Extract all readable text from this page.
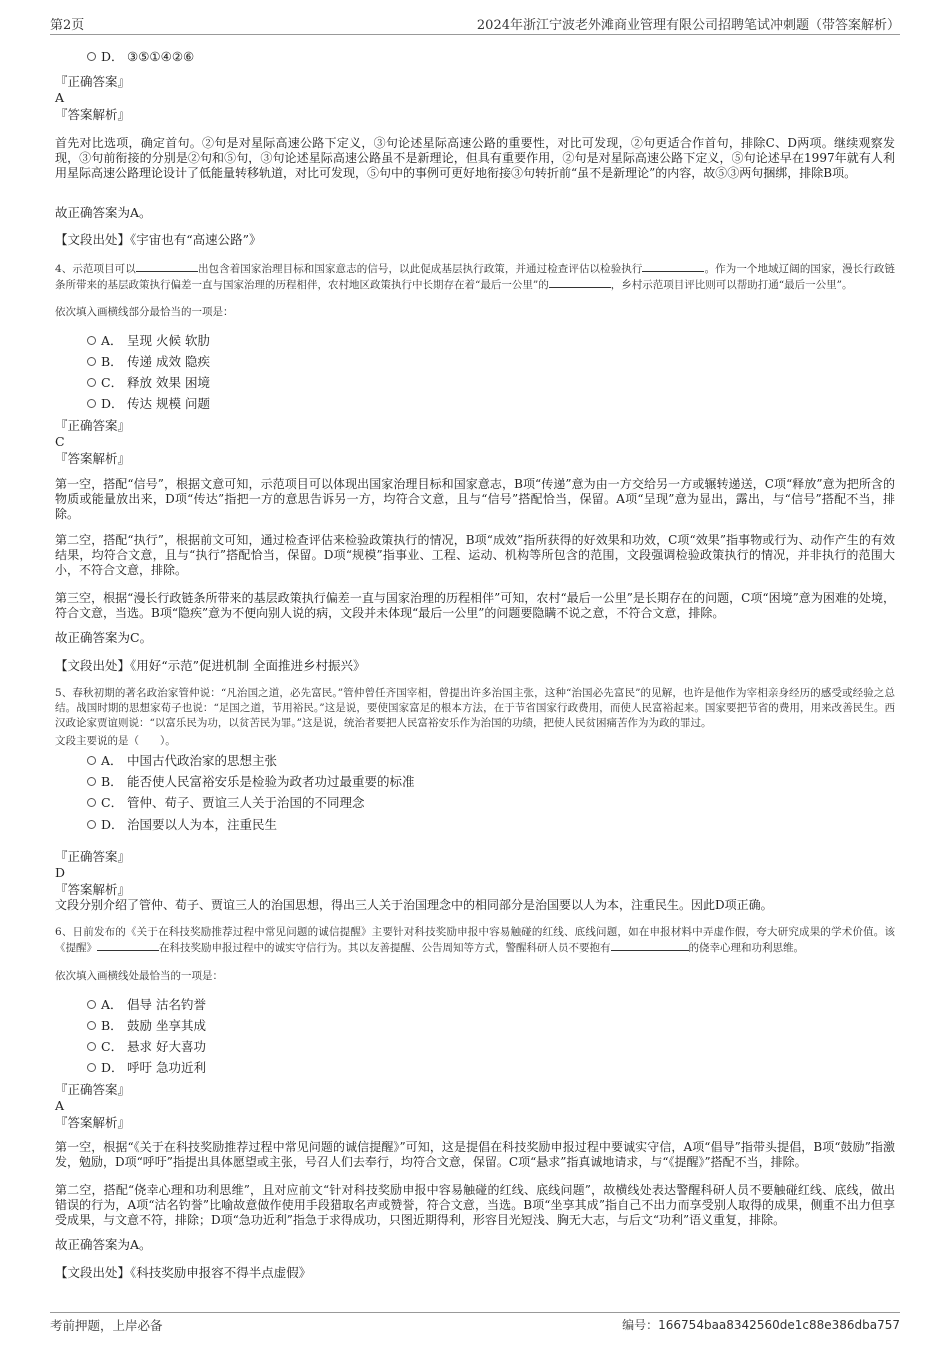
第2页	2024年浙江宁波老外滩商业管理有限公司招聘笔试冲刺题（带答案解析）
D． ③⑤①④②⑥
『正确答案』
A
『答案解析』

首先对比选项，确定首句。②句是对星际高速公路下定义，③句论述星际高速公路的重要性，对比可发现，②句更适合作首句，排除C、D两项。继续观察发现，③句前衔接的分别是②句和⑤句，③句论述星际高速公路虽不是新理论，但具有重要作用，②句是对星际高速公路下定义，⑤句论述早在1997年就有人利用星际高速公路理论设计了低能量转移轨道，对比可发现，⑤句中的事例可更好地衔接③句转折前“虽不是新理论”的内容，故⑤③两句捆绑，排除B项。

故正确答案为A。
【文段出处】《宇宙也有“高速公路”》

4、示范项目可以	出包含着国家治理目标和国家意志的信号，以此促成基层执行政策，并通过检查评估以检验执行	。作为一个地域辽阔的国家，漫长行政链条所带来的基层政策执行偏差一直与国家治理的历程相伴，农村地区政策执行中长期存在着“最后一公里”的	，乡村示范项目评比则可以帮助打通“最后一公里”。

依次填入画横线部分最恰当的一项是：
A． 呈现 火候 软肋
B． 传递 成效 隐疾
C． 释放 效果 困境
D． 传达 规模 问题
『正确答案』
C
『答案解析』

第一空，搭配“信号”，根据文意可知，示范项目可以体现出国家治理目标和国家意志，B项“传递”意为由一方交给另一方或辗转递送，C项“释放”意为把所含的物质或能量放出来，D项“传达”指把一方的意思告诉另一方，均符合文意，且与“信号”搭配恰当，保留。A项“呈现”意为显出，露出，与“信号”搭配不当，排除。

第二空，搭配“执行”，根据前文可知，通过检查评估来检验政策执行的情况，B项“成效”指所获得的好效果和功效，C项“效果”指事物或行为、动作产生的有效结果，均符合文意，且与“执行”搭配恰当，保留。D项“规模”指事业、工程、运动、机构等所包含的范围，文段强调检验政策执行的情况，并非执行的范围大小，不符合文意，排除。

第三空，根据“漫长行政链条所带来的基层政策执行偏差一直与国家治理的历程相伴”可知，农村“最后一公里”是长期存在的问题，C项“困境”意为困难的处境，符合文意，当选。B项“隐疾”意为不便向别人说的病，文段并未体现“最后一公里”的问题要隐瞒不说之意，不符合文意，排除。

故正确答案为C。
【文段出处】《用好“示范”促进机制 全面推进乡村振兴》

5、春秋初期的著名政治家管仲说：“凡治国之道，必先富民。”管仲曾任齐国宰相，曾提出许多治国主张，这种“治国必先富民”的见解，也许是他作为宰相亲身经历的感受或经验之总结。战国时期的思想家荀子也说：“足国之道，节用裕民。”这是说，要使国家富足的根本方法，在于节省国家行政费用，而使人民富裕起来。国家要把节省的费用，用来改善民生。西汉政论家贾谊则说：“以富乐民为功，以贫苦民为罪。”这是说，统治者要把人民富裕安乐作为治国的功绩，把使人民贫困痛苦作为为政的罪过。

文段主要说的是（　　）。
A． 中国古代政治家的思想主张
B． 能否使人民富裕安乐是检验为政者功过最重要的标准
C． 管仲、荀子、贾谊三人关于治国的不同理念
D． 治国要以人为本，注重民生
『正确答案』
D
『答案解析』

文段分别介绍了管仲、荀子、贾谊三人的治国思想，得出三人关于治国理念中的相同部分是治国要以人为本，注重民生。因此D项正确。

6、日前发布的《关于在科技奖励推荐过程中常见问题的诚信提醒》主要针对科技奖励申报中容易触碰的红线、底线问题，如在申报材料中弄虚作假，夸大研究成果的学术价值。该《提醒》	在科技奖励申报过程中的诚实守信行为。其以友善提醒、公告周知等方式，警醒科研人员不要抱有	的侥幸心理和功利思维。

依次填入画横线处最恰当的一项是：
A． 倡导 沽名钓誉
B． 鼓励 坐享其成
C． 悬求 好大喜功
D． 呼吁 急功近利
『正确答案』
A
『答案解析』

第一空，根据“《关于在科技奖励推荐过程中常见问题的诚信提醒》”可知，这是提倡在科技奖励申报过程中要诚实守信，A项“倡导”指带头提倡，B项“鼓励”指激发，勉励，D项“呼吁”指提出具体愿望或主张，号召人们去奉行，均符合文意，保留。C项“悬求”指真诚地请求，与“《提醒》”搭配不当，排除。

第二空，搭配“侥幸心理和功利思维”，且对应前文“针对科技奖励申报中容易触碰的红线、底线问题”，故横线处表达警醒科研人员不要触碰红线、底线，做出错误的行为，A项“沽名钓誉”比喻故意做作使用手段猎取名声或赞誉，符合文意，当选。B项“坐享其成”指自己不出力而享受别人取得的成果，侧重不出力但享受成果，与文意不符，排除；D项“急功近利”指急于求得成功，只图近期得利，形容目光短浅、胸无大志，与后文“功利”语义重复，排除。

故正确答案为A。
【文段出处】《科技奖励申报容不得半点虚假》
考前押题，上岸必备	编号：166754baa8342560de1c88e386dba757
